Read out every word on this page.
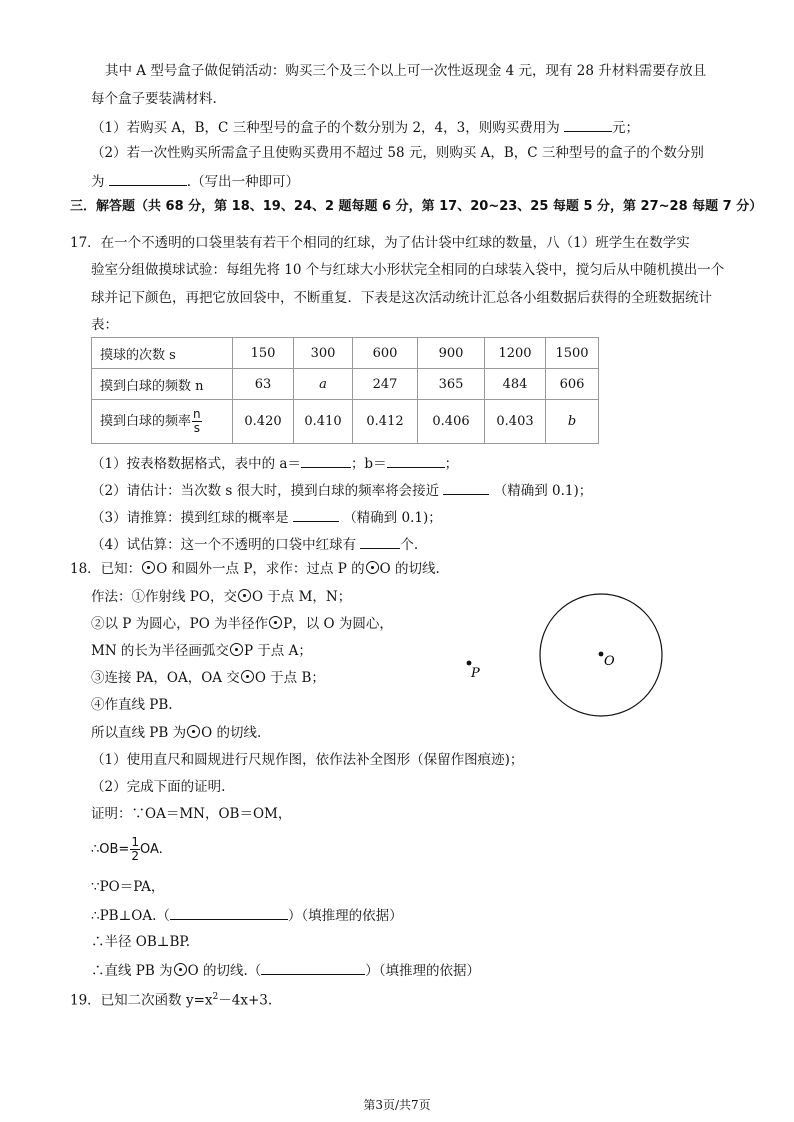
其中 A 型号盒子做促销活动：购买三个及三个以上可一次性返现金 4 元，现有 28 升材料需要存放且
每个盒子要装满材料.
（1）若购买 A，B，C 三种型号的盒子的个数分别为 2，4，3，则购买费用为	元；
（2）若一次性购买所需盒子且使购买费用不超过 58 元，则购买 A，B，C 三种型号的盒子的个数分别
为	.（写出一种即可）
三．解答题（共 68 分，第 18、19、24、2 题每题 6 分，第 17、20~23、25 每题 5 分，第 27~28 每题 7 分）
17．在一个不透明的口袋里装有若干个相同的红球，为了估计袋中红球的数量，八（1）班学生在数学实
验室分组做摸球试验：每组先将 10 个与红球大小形状完全相同的白球装入袋中，搅匀后从中随机摸出一个
球并记下颜色，再把它放回袋中，不断重复．下表是这次活动统计汇总各小组数据后获得的全班数据统计
表：
摸球的次数 s	150	300	600	900	1200	1500
摸到白球的频数 n	63	a	247	365	484	606
摸到白球的频率 $\frac{n}{s}$	0.420	0.410	0.412	0.406	0.403	b
（1）按表格数据格式，表中的 a＝	；b＝	；
（2）请估计：当次数 s 很大时，摸到白球的频率将会接近	（精确到 0.1)；
（3）请推算：摸到红球的概率是	（精确到 0.1)；
（4）试估算：这一个不透明的口袋中红球有	个.
18．已知： O 和圆外一点 P，求作：过点 P 的 O 的切线.
作法：①作射线 PO，交 O 于点 M，N；
②以 P 为圆心，PO 为半径作 P，以 O 为圆心，
MN 的长为半径画弧交 P 于点 A；
③连接 PA，OA，OA 交 O 于点 B；
④作直线 PB.
所以直线 PB 为 O 的切线.
（1）使用直尺和圆规进行尺规作图，依作法补全图形（保留作图痕迹)；
（2）完成下面的证明.
证明：∵OA＝MN，OB＝OM，
∴OB= $\frac{1}{2}$ OA.
∵PO＝PA，
∴PB⊥OA.（	）（填推理的依据）
∴半径 OB⊥BP.
∴直线 PB 为 O 的切线.（	）（填推理的依据）
P
O
19．已知二次函数 $y=x^2-4x+3$.
第3页/共7页
